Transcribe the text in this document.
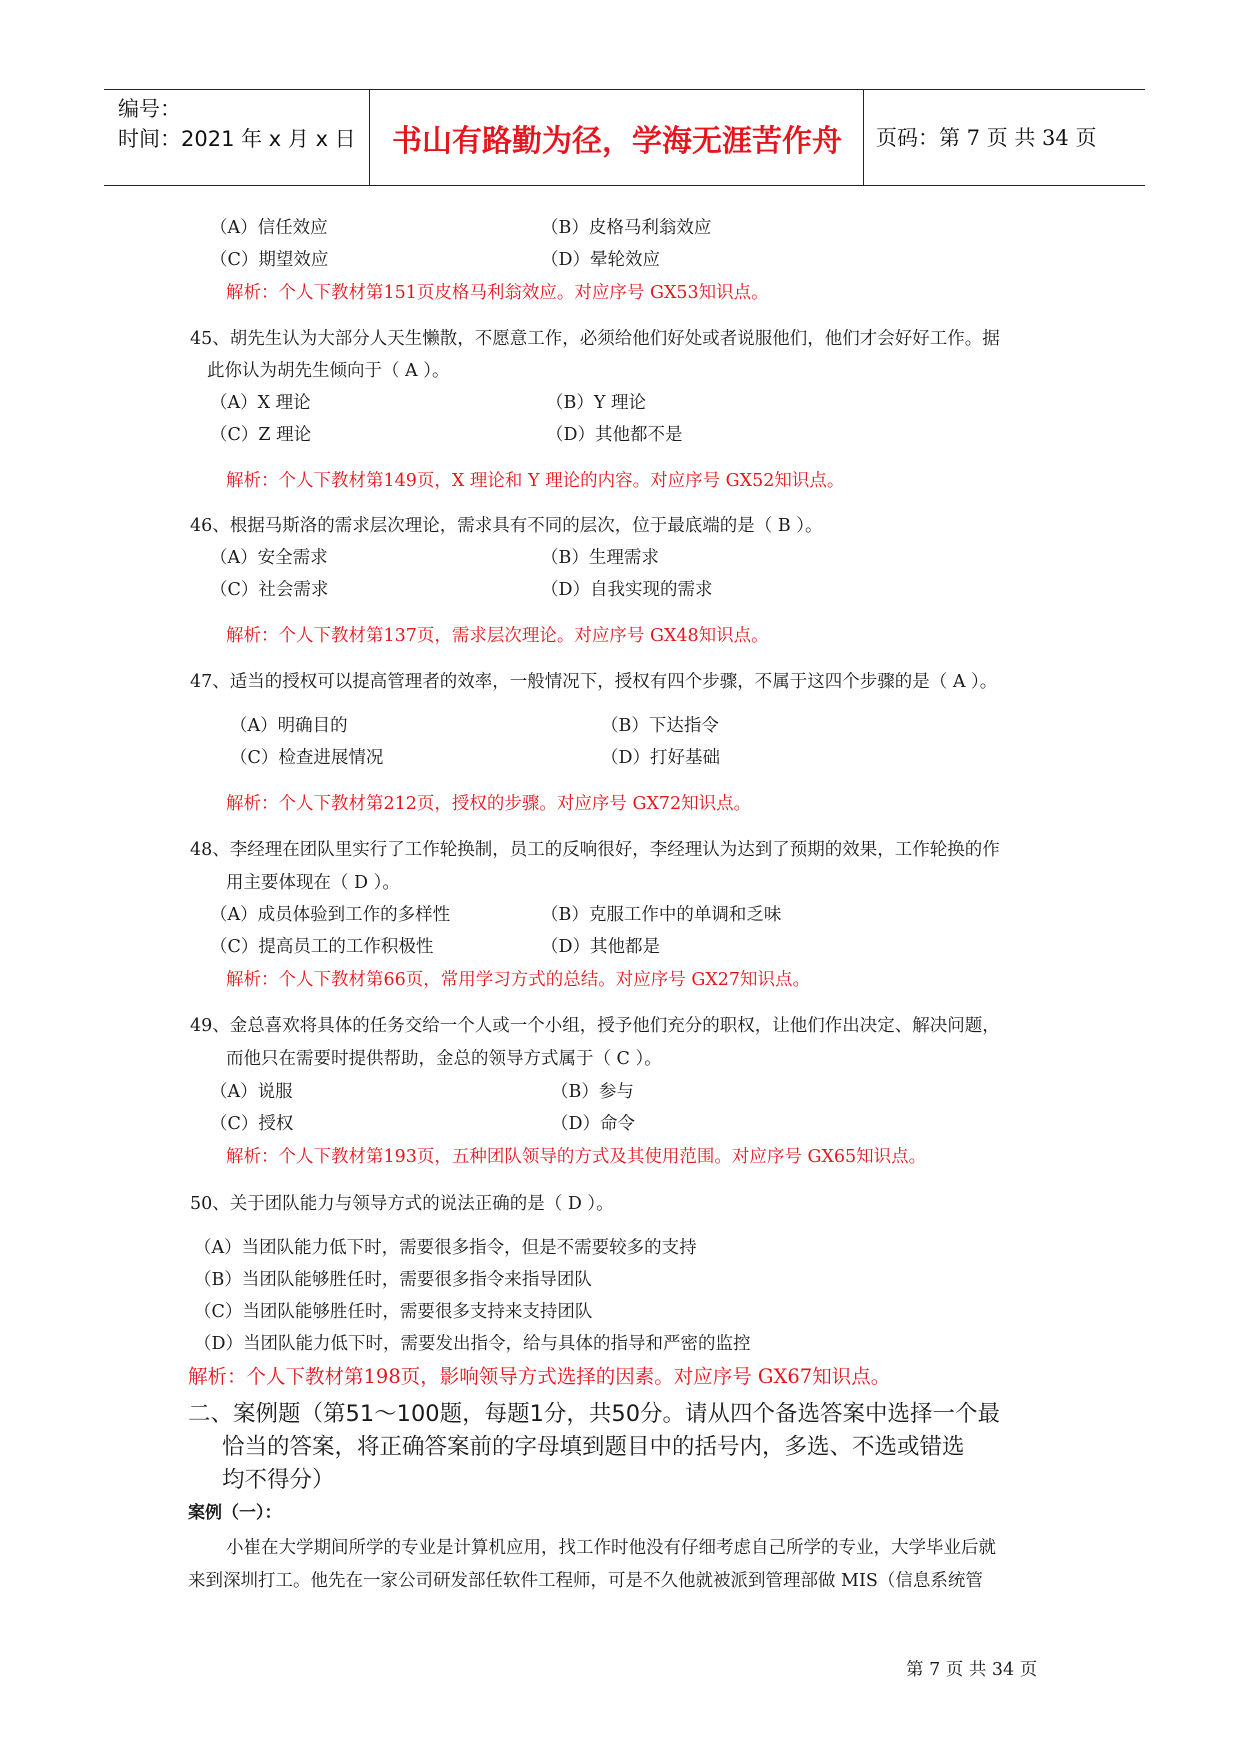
编号：
时间：2021 年 x 月 x 日	书山有路勤为径，学海无涯苦作舟	页码：第 7 页 共 34 页
（A）信任效应	（B）皮格马利翁效应
（C）期望效应	（D）晕轮效应
解析：个人下教材第151页皮格马利翁效应。对应序号 GX53知识点。
45、胡先生认为大部分人天生懒散，不愿意工作，必须给他们好处或者说服他们，他们才会好好工作。据
此你认为胡先生倾向于（ A ）。
（A）X 理论	（B）Y 理论
（C）Z 理论	（D）其他都不是
解析：个人下教材第149页，X 理论和 Y 理论的内容。对应序号 GX52知识点。
46、根据马斯洛的需求层次理论，需求具有不同的层次，位于最底端的是（ B ）。
（A）安全需求	（B）生理需求
（C）社会需求	（D）自我实现的需求
解析：个人下教材第137页，需求层次理论。对应序号 GX48知识点。
47、适当的授权可以提高管理者的效率，一般情况下，授权有四个步骤，不属于这四个步骤的是（ A ）。
（A）明确目的	（B）下达指令
（C）检查进展情况	（D）打好基础
解析：个人下教材第212页，授权的步骤。对应序号 GX72知识点。
48、李经理在团队里实行了工作轮换制，员工的反响很好，李经理认为达到了预期的效果，工作轮换的作
用主要体现在（ D ）。
（A）成员体验到工作的多样性	（B）克服工作中的单调和乏味
（C）提高员工的工作积极性	（D）其他都是
解析：个人下教材第66页，常用学习方式的总结。对应序号 GX27知识点。
49、金总喜欢将具体的任务交给一个人或一个小组，授予他们充分的职权，让他们作出决定、解决问题，
而他只在需要时提供帮助，金总的领导方式属于（ C ）。
（A）说服	（B）参与
（C）授权	（D）命令
解析：个人下教材第193页，五种团队领导的方式及其使用范围。对应序号 GX65知识点。
50、关于团队能力与领导方式的说法正确的是（ D ）。
（A）当团队能力低下时，需要很多指令，但是不需要较多的支持
（B）当团队能够胜任时，需要很多指令来指导团队
（C）当团队能够胜任时，需要很多支持来支持团队
（D）当团队能力低下时，需要发出指令，给与具体的指导和严密的监控
解析：个人下教材第198页，影响领导方式选择的因素。对应序号 GX67知识点。
二、案例题（第51～100题，每题1分，共50分。请从四个备选答案中选择一个最
恰当的答案，将正确答案前的字母填到题目中的括号内，多选、不选或错选
均不得分）
案例（一）：
小崔在大学期间所学的专业是计算机应用，找工作时他没有仔细考虑自己所学的专业，大学毕业后就
来到深圳打工。他先在一家公司研发部任软件工程师，可是不久他就被派到管理部做 MIS（信息系统管
第 7 页 共 34 页
